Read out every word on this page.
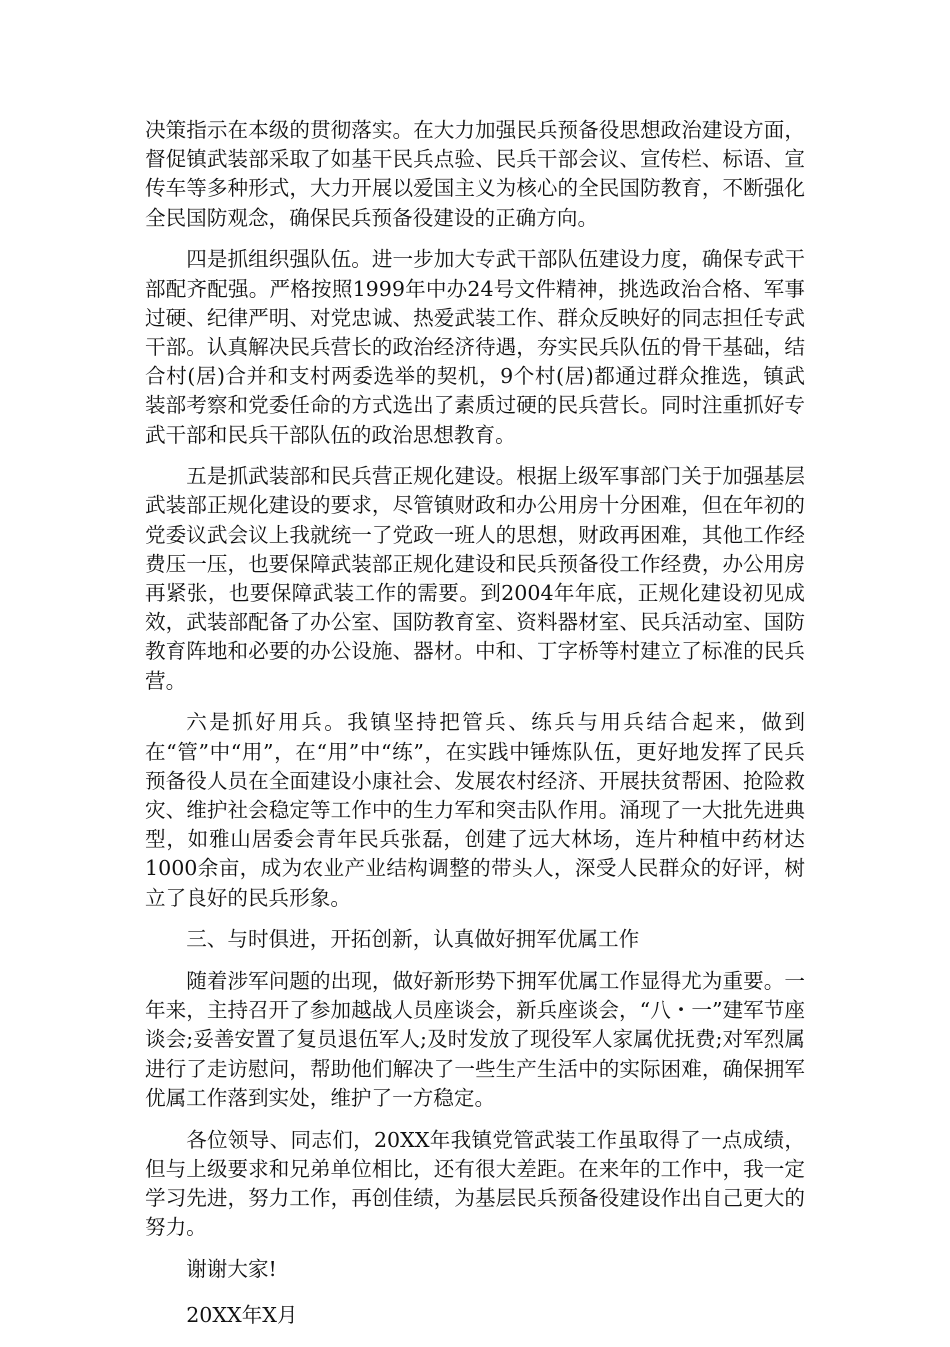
决策指示在本级的贯彻落实。在大力加强民兵预备役思想政治建设方面，督促镇武装部采取了如基干民兵点验、民兵干部会议、宣传栏、标语、宣传车等多种形式，大力开展以爱国主义为核心的全民国防教育，不断强化全民国防观念，确保民兵预备役建设的正确方向。

四是抓组织强队伍。进一步加大专武干部队伍建设力度，确保专武干部配齐配强。严格按照1999年中办24号文件精神，挑选政治合格、军事过硬、纪律严明、对党忠诚、热爱武装工作、群众反映好的同志担任专武干部。认真解决民兵营长的政治经济待遇，夯实民兵队伍的骨干基础，结合村(居)合并和支村两委选举的契机，9个村(居)都通过群众推选，镇武装部考察和党委任命的方式选出了素质过硬的民兵营长。同时注重抓好专武干部和民兵干部队伍的政治思想教育。

五是抓武装部和民兵营正规化建设。根据上级军事部门关于加强基层武装部正规化建设的要求，尽管镇财政和办公用房十分困难，但在年初的党委议武会议上我就统一了党政一班人的思想，财政再困难，其他工作经费压一压，也要保障武装部正规化建设和民兵预备役工作经费，办公用房再紧张，也要保障武装工作的需要。到2004年年底，正规化建设初见成效，武装部配备了办公室、国防教育室、资料器材室、民兵活动室、国防教育阵地和必要的办公设施、器材。中和、丁字桥等村建立了标准的民兵营。

六是抓好用兵。我镇坚持把管兵、练兵与用兵结合起来，做到在“管”中“用”，在“用”中“练”，在实践中锤炼队伍，更好地发挥了民兵预备役人员在全面建设小康社会、发展农村经济、开展扶贫帮困、抢险救灾、维护社会稳定等工作中的生力军和突击队作用。涌现了一大批先进典型，如雅山居委会青年民兵张磊，创建了远大林场，连片种植中药材达1000余亩，成为农业产业结构调整的带头人，深受人民群众的好评，树立了良好的民兵形象。

三、与时俱进，开拓创新，认真做好拥军优属工作

随着涉军问题的出现，做好新形势下拥军优属工作显得尤为重要。一年来，主持召开了参加越战人员座谈会，新兵座谈会，“八・一”建军节座谈会;妥善安置了复员退伍军人;及时发放了现役军人家属优抚费;对军烈属进行了走访慰问，帮助他们解决了一些生产生活中的实际困难，确保拥军优属工作落到实处，维护了一方稳定。

各位领导、同志们，20XX年我镇党管武装工作虽取得了一点成绩，但与上级要求和兄弟单位相比，还有很大差距。在来年的工作中，我一定学习先进，努力工作，再创佳绩，为基层民兵预备役建设作出自己更大的努力。

谢谢大家!

20XX年X月
